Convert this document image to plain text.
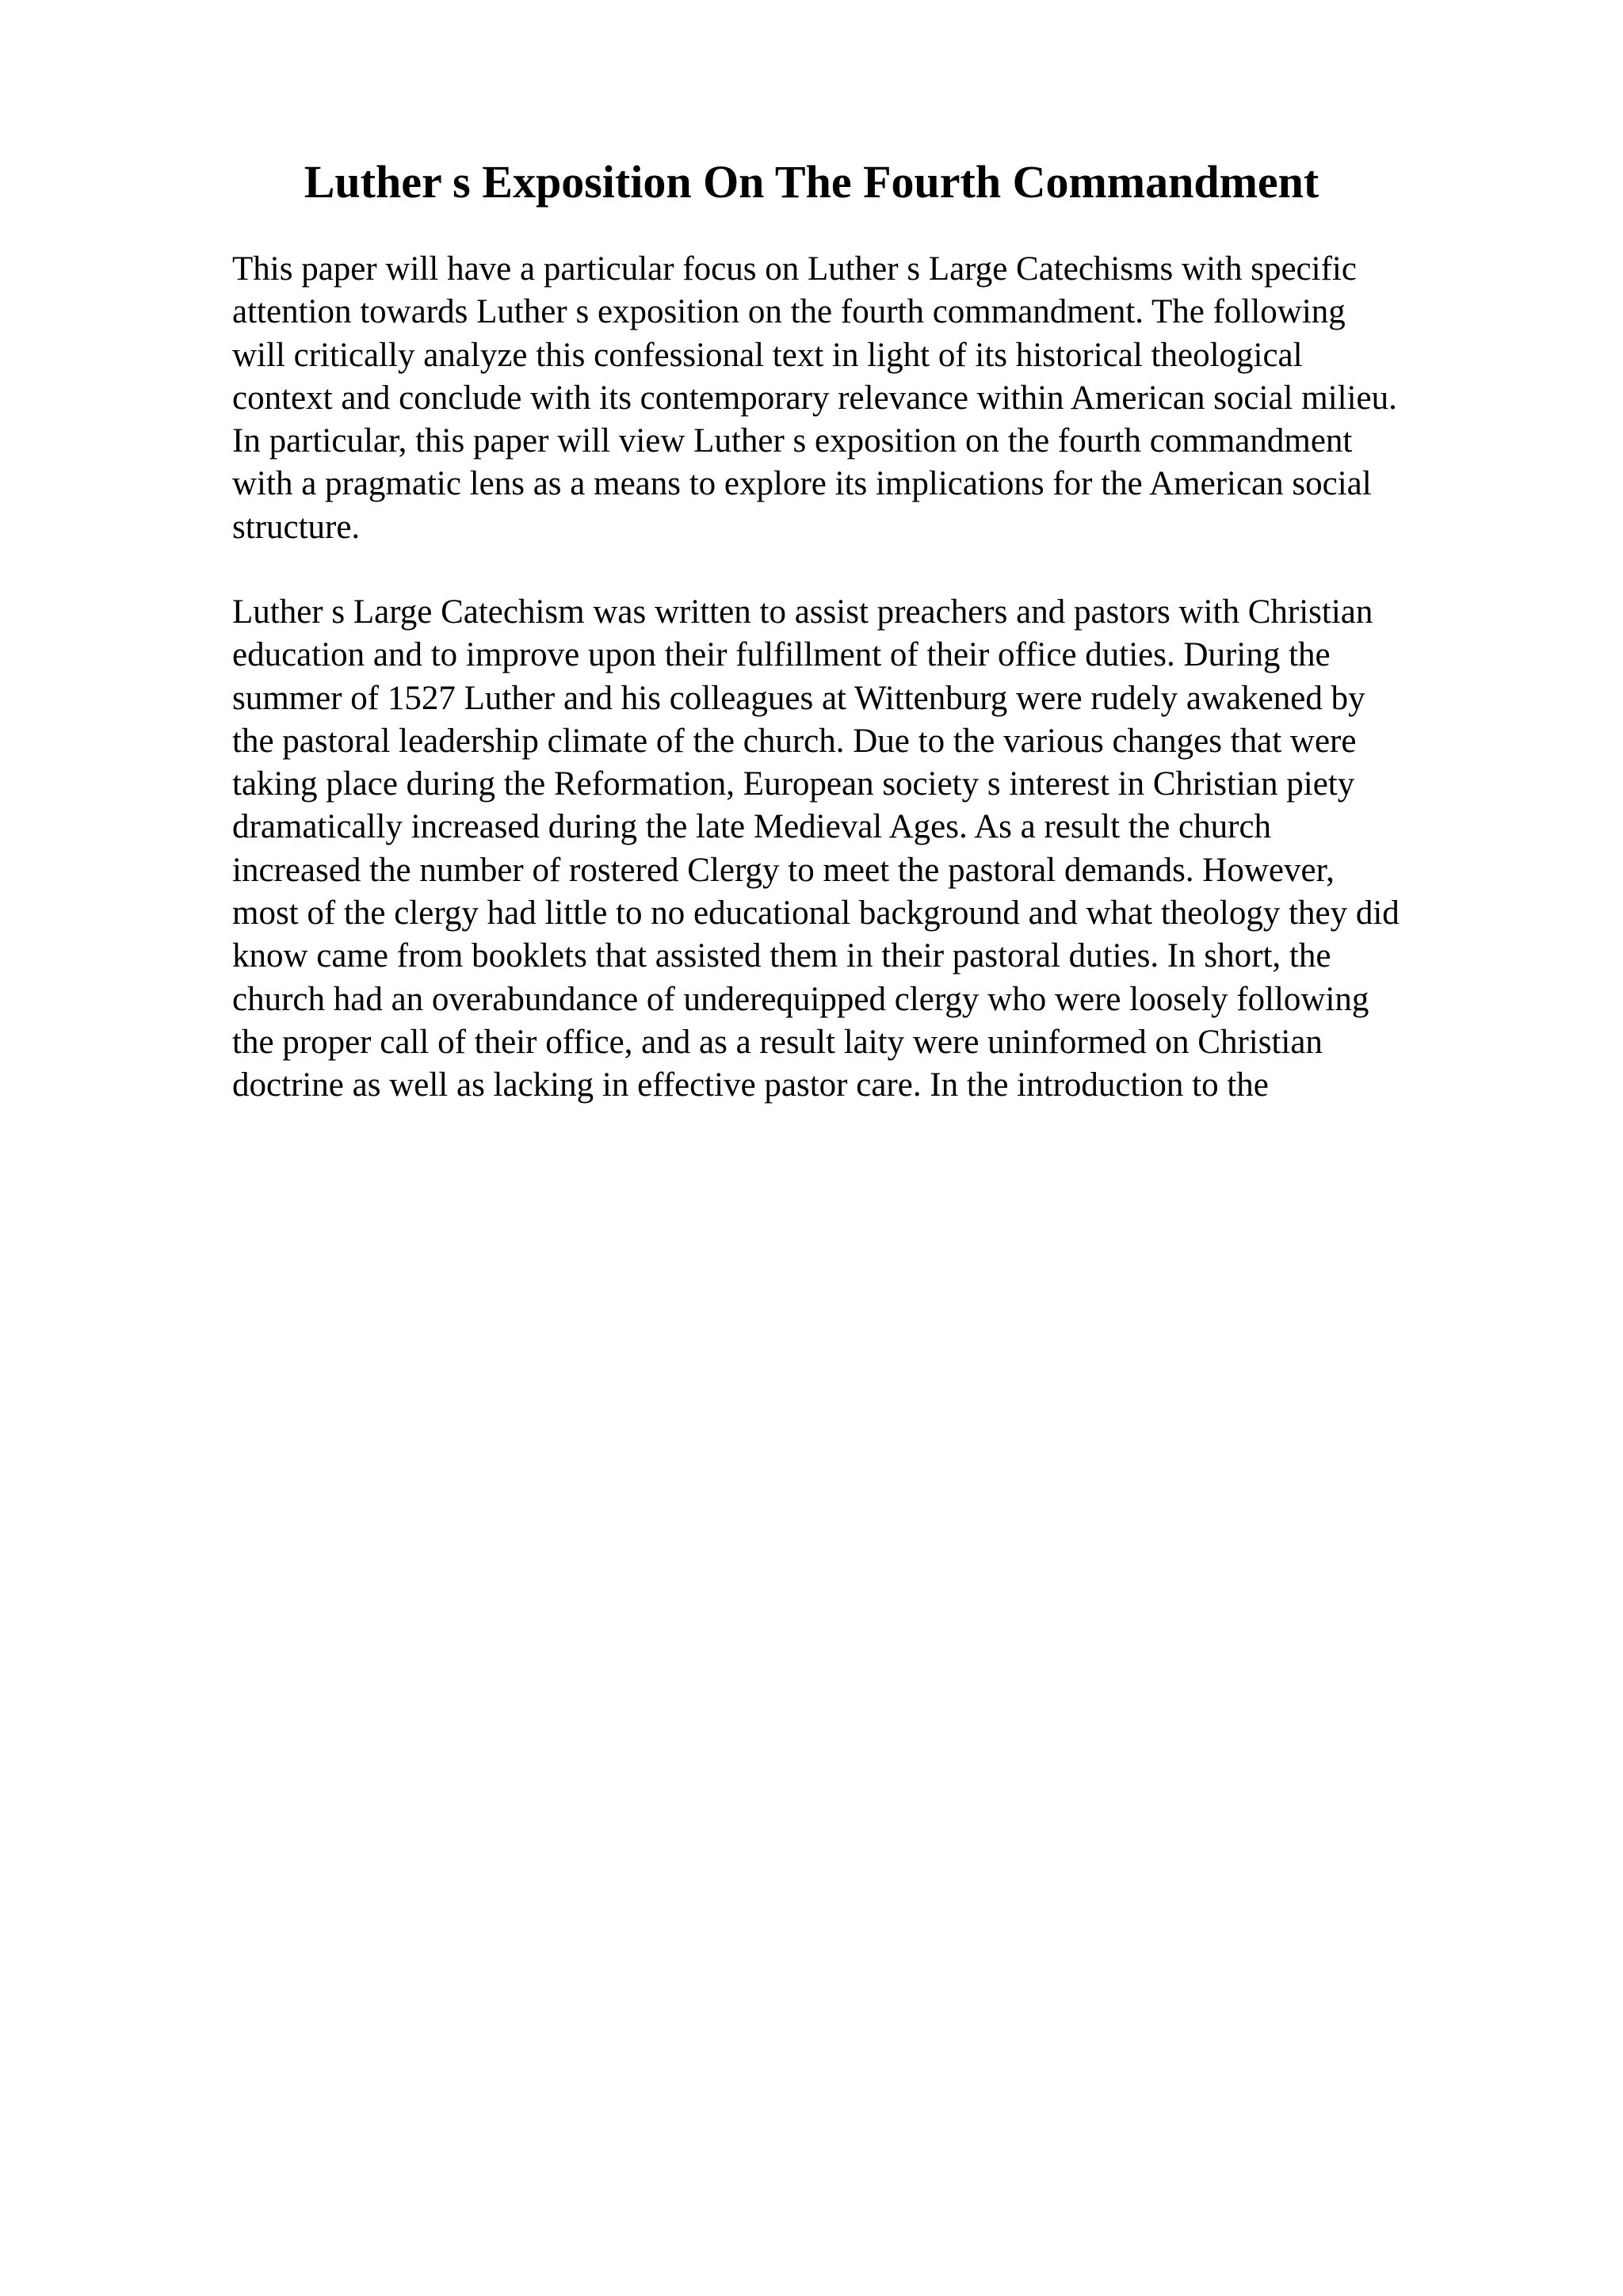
Luther s Exposition On The Fourth Commandment
This paper will have a particular focus on Luther s Large Catechisms with specific
attention towards Luther s exposition on the fourth commandment. The following
will critically analyze this confessional text in light of its historical theological
context and conclude with its contemporary relevance within American social milieu.
In particular, this paper will view Luther s exposition on the fourth commandment
with a pragmatic lens as a means to explore its implications for the American social
structure.
Luther s Large Catechism was written to assist preachers and pastors with Christian
education and to improve upon their fulfillment of their office duties. During the
summer of 1527 Luther and his colleagues at Wittenburg were rudely awakened by
the pastoral leadership climate of the church. Due to the various changes that were
taking place during the Reformation, European society s interest in Christian piety
dramatically increased during the late Medieval Ages. As a result the church
increased the number of rostered Clergy to meet the pastoral demands. However,
most of the clergy had little to no educational background and what theology they did
know came from booklets that assisted them in their pastoral duties. In short, the
church had an overabundance of underequipped clergy who were loosely following
the proper call of their office, and as a result laity were uninformed on Christian
doctrine as well as lacking in effective pastor care. In the introduction to the
